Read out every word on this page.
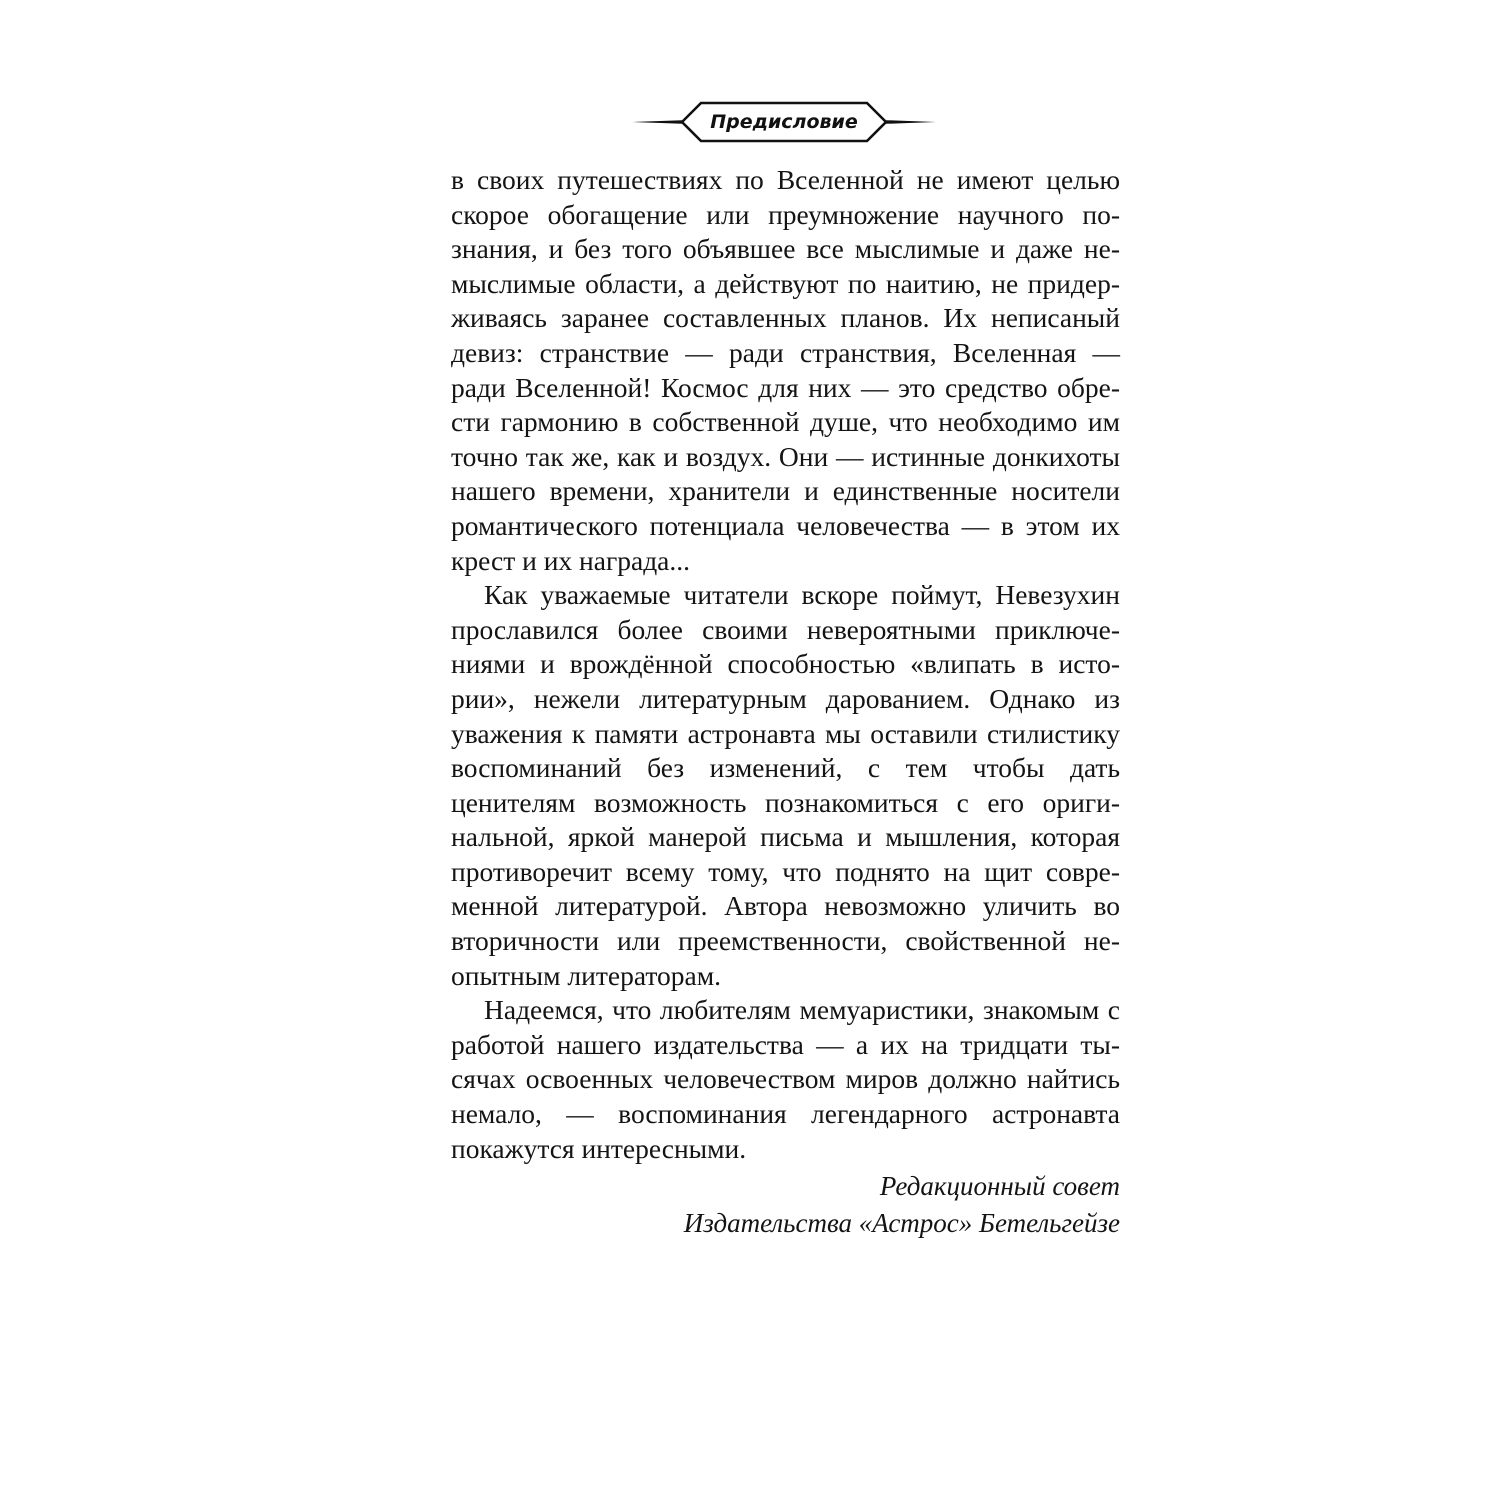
Предисловие

в своих путешествиях по Вселенной не имеют целью скорое обогащение или преумножение научного познания, и без того объявшее все мыслимые и даже немыслимые области, а действуют по наитию, не придерживаясь заранее составленных планов. Их неписаный девиз: странствие — ради странствия, Вселенная — ради Вселенной! Космос для них — это средство обрести гармонию в собственной душе, что необходимо им точно так же, как и воздух. Они — истинные донкихоты нашего времени, хранители и единственные носители романтического потенциала человечества — в этом их крест и их награда...

Как уважаемые читатели вскоре поймут, Невезухин прославился более своими невероятными приключениями и врождённой способностью «влипать в истории», нежели литературным дарованием. Однако из уважения к памяти астронавта мы оставили стилистику воспоминаний без изменений, с тем чтобы дать ценителям возможность познакомиться с его оригинальной, яркой манерой письма и мышления, которая противоречит всему тому, что поднято на щит современной литературой. Автора невозможно уличить во вторичности или преемственности, свойственной неопытным литераторам.

Надеемся, что любителям мемуаристики, знакомым с работой нашего издательства — а их на тридцати тысячах освоенных человечеством миров должно найтись немало, — воспоминания легендарного астронавта покажутся интересными.

Редакционный совет
Издательства «Астрос» Бетельгейзе
